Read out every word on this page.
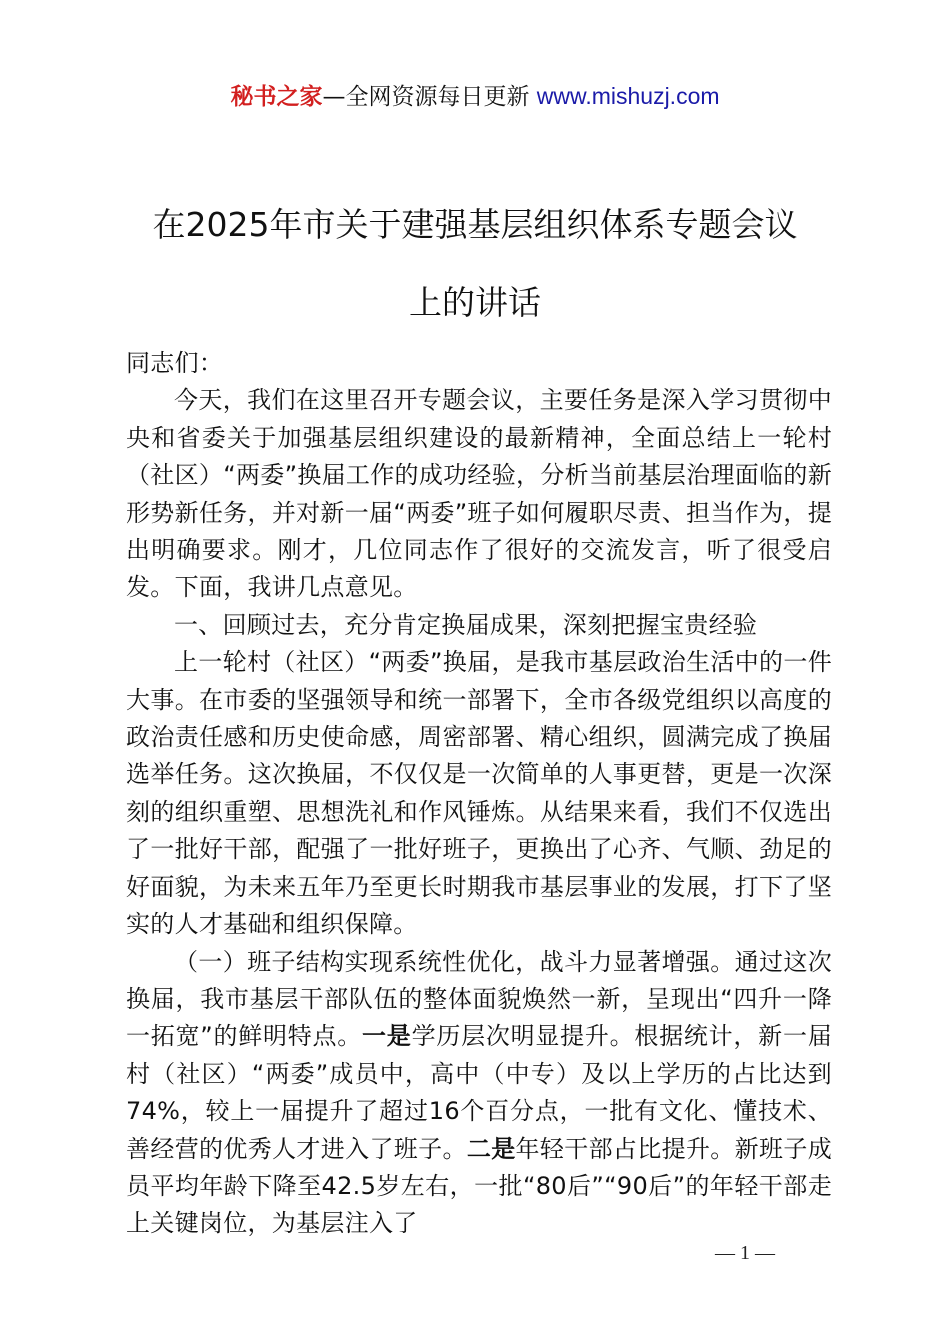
秘书之家—全网资源每日更新 www.mishuzj.com
在2025年市关于建强基层组织体系专题会议
上的讲话

同志们：

今天，我们在这里召开专题会议，主要任务是深入学习贯彻中央和省委关于加强基层组织建设的最新精神，全面总结上一轮村（社区）“两委”换届工作的成功经验，分析当前基层治理面临的新形势新任务，并对新一届“两委”班子如何履职尽责、担当作为，提出明确要求。刚才，几位同志作了很好的交流发言，听了很受启发。下面，我讲几点意见。

一、回顾过去，充分肯定换届成果，深刻把握宝贵经验

上一轮村（社区）“两委”换届，是我市基层政治生活中的一件大事。在市委的坚强领导和统一部署下，全市各级党组织以高度的政治责任感和历史使命感，周密部署、精心组织，圆满完成了换届选举任务。这次换届，不仅仅是一次简单的人事更替，更是一次深刻的组织重塑、思想洗礼和作风锤炼。从结果来看，我们不仅选出了一批好干部，配强了一批好班子，更换出了心齐、气顺、劲足的好面貌，为未来五年乃至更长时期我市基层事业的发展，打下了坚实的人才基础和组织保障。

（一）班子结构实现系统性优化，战斗力显著增强。通过这次换届，我市基层干部队伍的整体面貌焕然一新，呈现出“四升一降一拓宽”的鲜明特点。一是学历层次明显提升。根据统计，新一届村（社区）“两委”成员中，高中（中专）及以上学历的占比达到74%，较上一届提升了超过16个百分点，一批有文化、懂技术、善经营的优秀人才进入了班子。二是年轻干部占比提升。新班子成员平均年龄下降至42.5岁左右，一批“80后”“90后”的年轻干部走上关键岗位，为基层注入了

— 1 —
